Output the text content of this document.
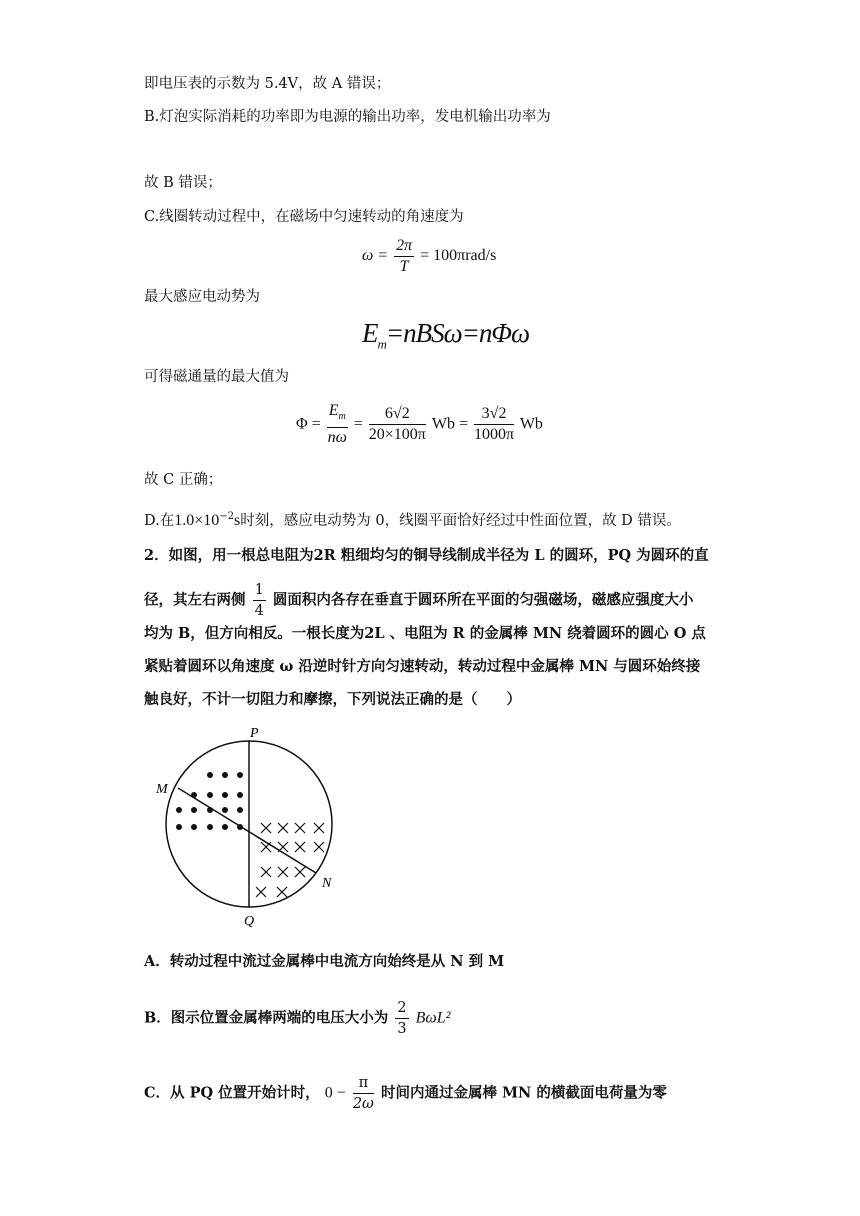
即电压表的示数为 5.4V，故 A 错误；
B.灯泡实际消耗的功率即为电源的输出功率，发电机输出功率为
故 B 错误；
C.线圈转动过程中，在磁场中匀速转动的角速度为
$\omega = \frac{2\pi}{T} = 100\pi rad/s$
最大感应电动势为
$E_m=nBS\omega=n\Phi\omega$
可得磁通量的最大值为
$\Phi = \frac{E_m}{n\omega} = \frac{6√2}{20\times 100\pi}$ $Wb = \frac{3√2}{1000\pi}$ Wb
故 C 正确；
D.在$1.0\times 10^{-2}s$时刻，感应电动势为 0，线圈平面恰好经过中性面位置，故 D 错误。
2．如图，用一根总电阻为2R 粗细均匀的铜导线制成半径为 L 的圆环，PQ 为圆环的直
径，其左右两侧 $\frac{1}{4}$ 圆面积内各存在垂直于圆环所在平面的匀强磁场，磁感应强度大小
均为 B，但方向相反。一根长度为2L 、电阻为 R 的金属棒 MN 绕着圆环的圆心 O 点
紧贴着圆环以角速度 ω 沿逆时针方向匀速转动，转动过程中金属棒 MN 与圆环始终接
触良好，不计一切阻力和摩擦，下列说法正确的是（　　）
P
Q
M
N
A．转动过程中流过金属棒中电流方向始终是从 N 到 M
B．图示位置金属棒两端的电压大小为 $\frac{2}{3} B\omega L^2$
C．从 PQ 位置开始计时， $0 - \frac{\pi}{2\omega}$ 时间内通过金属棒 MN 的横截面电荷量为零
